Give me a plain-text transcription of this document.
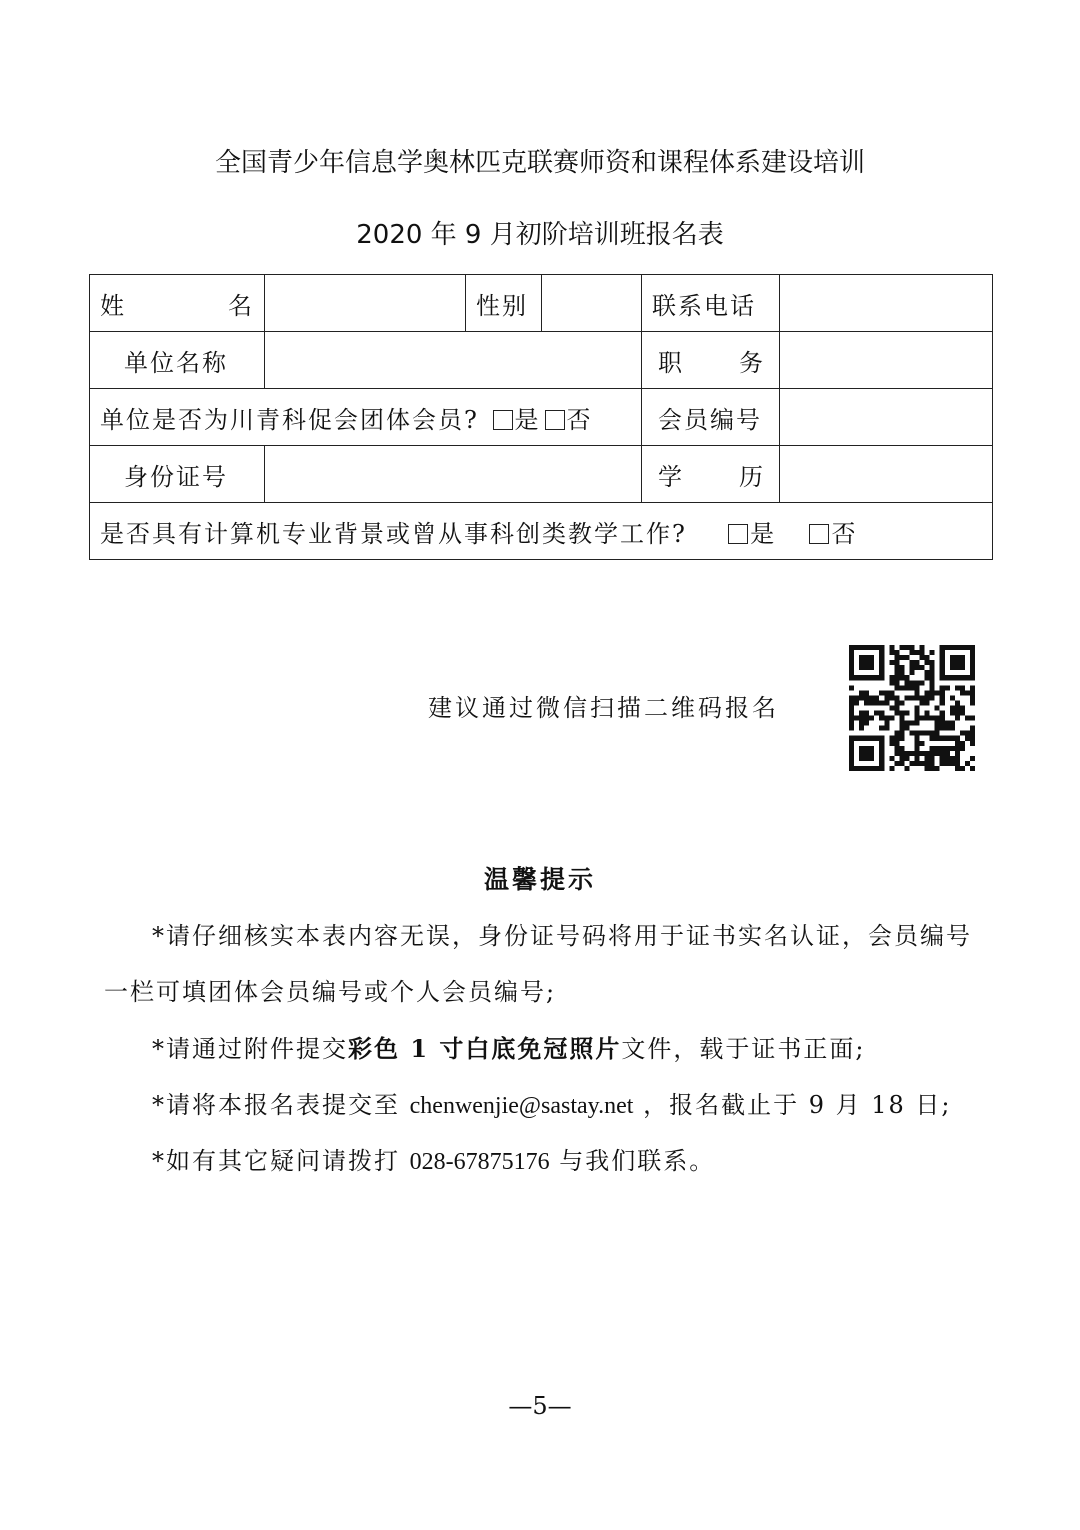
全国青少年信息学奥林匹克联赛师资和课程体系建设培训
2020 年 9 月初阶培训班报名表
姓 名		性别		联系电话	
单位名称				职 务	

单位是否为川青科促会团体会员? 是 否				会员编号	
身份证号				学 历	

是否具有计算机专业背景或曾从事科创类教学工作? 是 否					
建议通过微信扫描二维码报名
温馨提示
*请仔细核实本表内容无误，身份证号码将用于证书实名认证，会员编号一栏可填团体会员编号或个人会员编号;
*请通过附件提交彩色 1 寸白底免冠照片文件，载于证书正面;
*请将本报名表提交至 chenwenjie@sastay.net ，报名截止于 9 月 18 日;
*如有其它疑问请拨打 028-67875176 与我们联系。
—5—
